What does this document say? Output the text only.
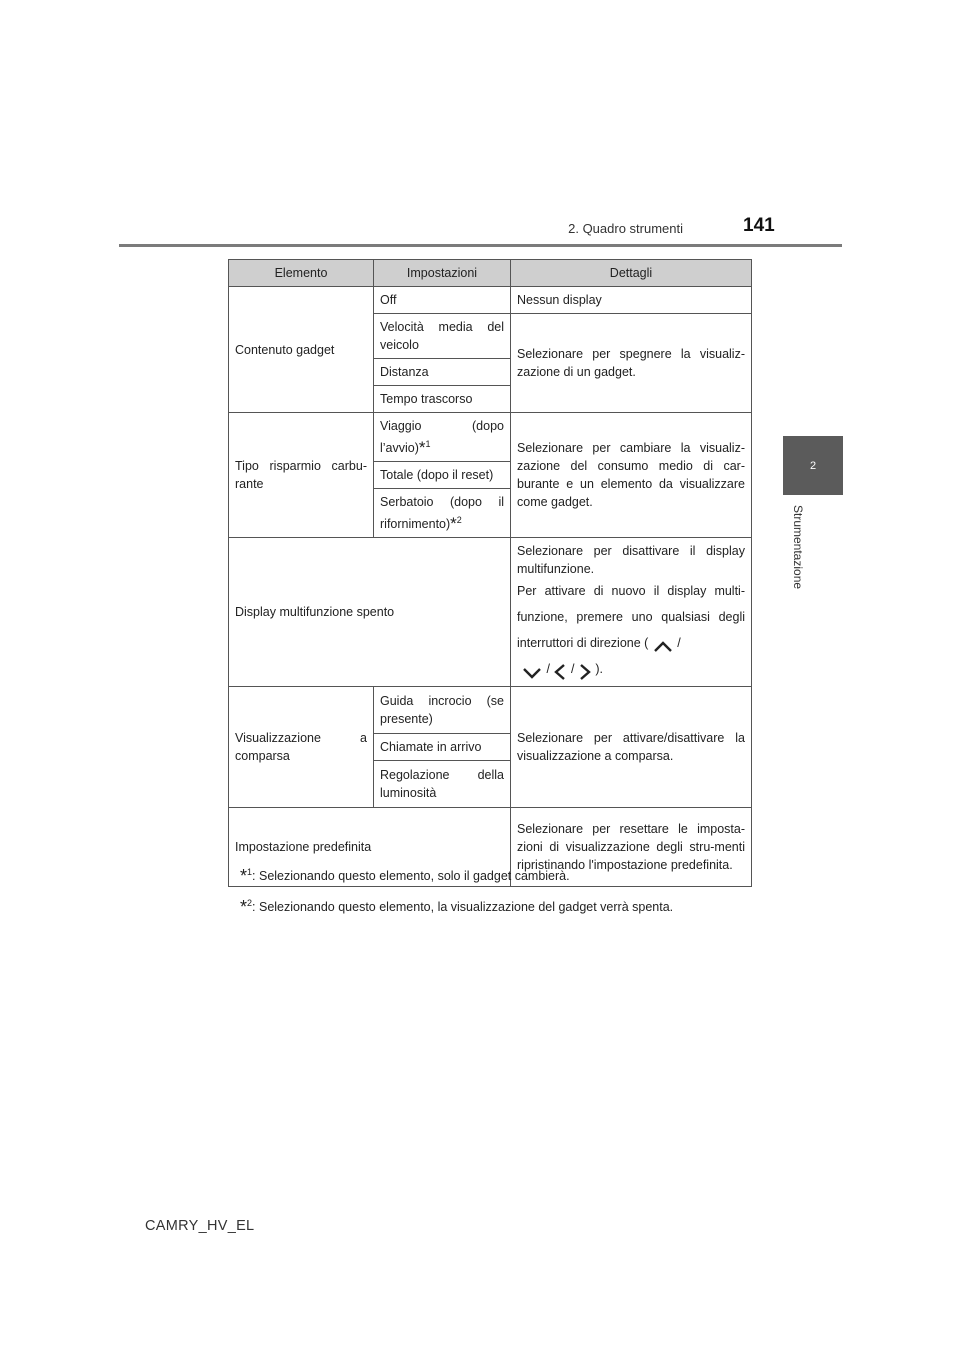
2. Quadro strumenti	141
2
Strumentazione
Elemento	Impostazioni	Dettagli
Contenuto gadget	Off	Nessun display
	Velocità media del veicolo	Selezionare per spegnere la visualiz-zazione di un gadget.
	Distanza	
	Tempo trascorso	
Tipo risparmio carbu-rante	Viaggio (dopo l’avvio)*$^1$	Selezionare per cambiare la visualiz-zazione del consumo medio di car-burante e un elemento da visualizzare come gadget.
	Totale (dopo il reset)	
	Serbatoio (dopo il rifornimento)*$^2$
Display multifunzione spento		Selezionare per disattivare il display multifunzione.
Per attivare di nuovo il display multi-funzione, premere uno qualsiasi degli interruttori di direzione ( /
/ / ).

Visualizzazione a comparsa	Guida incrocio (se presente)	Selezionare per attivare/disattivare la visualizzazione a comparsa.
	Chiamate in arrivo	
	Regolazione della luminosità	
Impostazione predefinita		Selezionare per resettare le imposta-zioni di visualizzazione degli stru-menti ripristinando l'impostazione predefinita.

*$^1$: Selezionando questo elemento, solo il gadget cambierà.

*$^2$: Selezionando questo elemento, la visualizzazione del gadget verrà spenta.

CAMRY_HV_EL
